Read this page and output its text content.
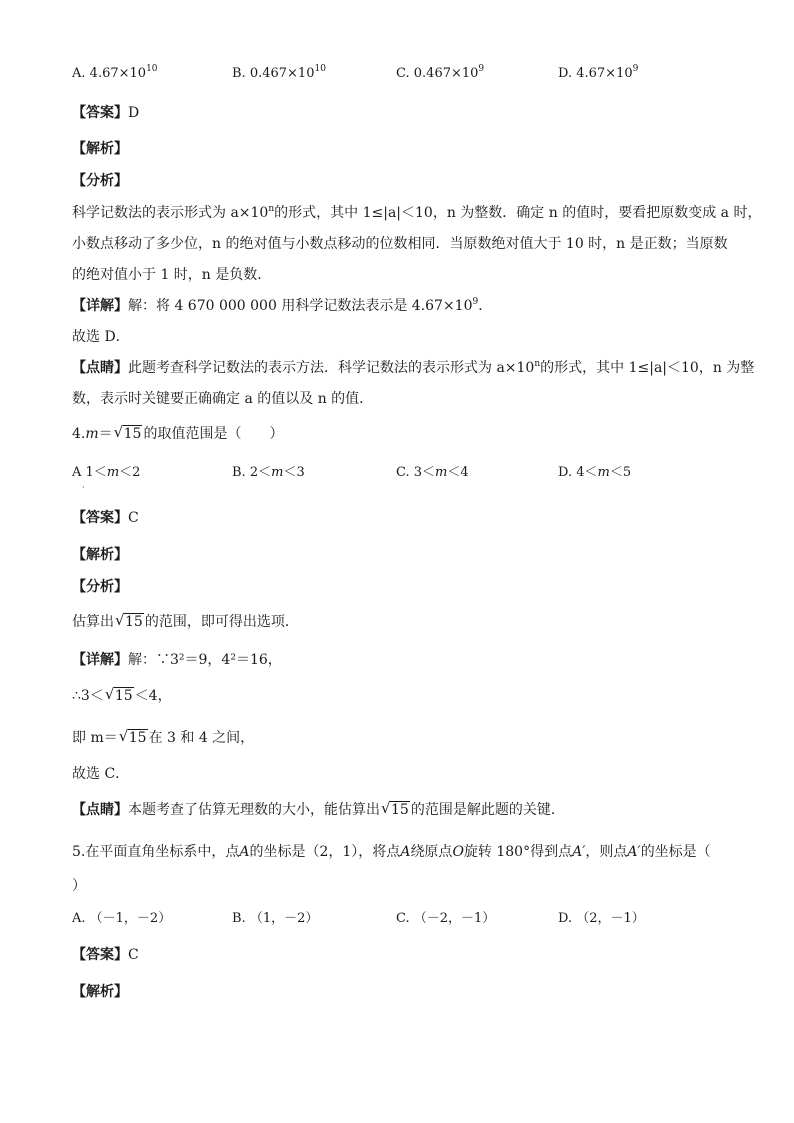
A. $4.67\times 10^{10}$	B. $0.467\times 10^{10}$	C. $0.467\times 10^9$	D. $4.67\times 10^9$
【答案】D
【解析】
【分析】
科学记数法的表示形式为 $a\times 10^n$的形式，其中 1≤|a|＜10，n 为整数．确定 n 的值时，要看把原数变成 a 时，
小数点移动了多少位，n 的绝对值与小数点移动的位数相同．当原数绝对值大于 10 时，n 是正数；当原数
的绝对值小于 1 时，n 是负数．
【详解】解：将 4 670 000 000 用科学记数法表示是 $4.67\times 10^9$．
故选 D．
【点睛】此题考查科学记数法的表示方法．科学记数法的表示形式为 $a\times 10^n$的形式，其中 1≤|a|＜10，n 为整
数，表示时关键要正确确定 a 的值以及 n 的值．
4.m＝ √ 15 的取值范围是（　　）
A 1＜m＜2	B. 2＜m＜3	C. 3＜m＜4	D. 4＜m＜5
·
【答案】C
【解析】
【分析】
估算出 √ 15 的范围，即可得出选项．
【详解】解：∵3²＝9，4²＝16，
∴3＜ √ 15 ＜4，
即 m＝ √ 15 在 3 和 4 之间，
故选 C．
【点睛】本题考查了估算无理数的大小，能估算出 √ 15 的范围是解此题的关键．
5.在平面直角坐标系中，点A的坐标是（2，1），将点A绕原点O旋转 180°得到点A′，则点A′的坐标是（
）
A. （－1，－2）	B. （1，－2）	C. （－2，－1）	D. （2，－1）
【答案】C
【解析】
